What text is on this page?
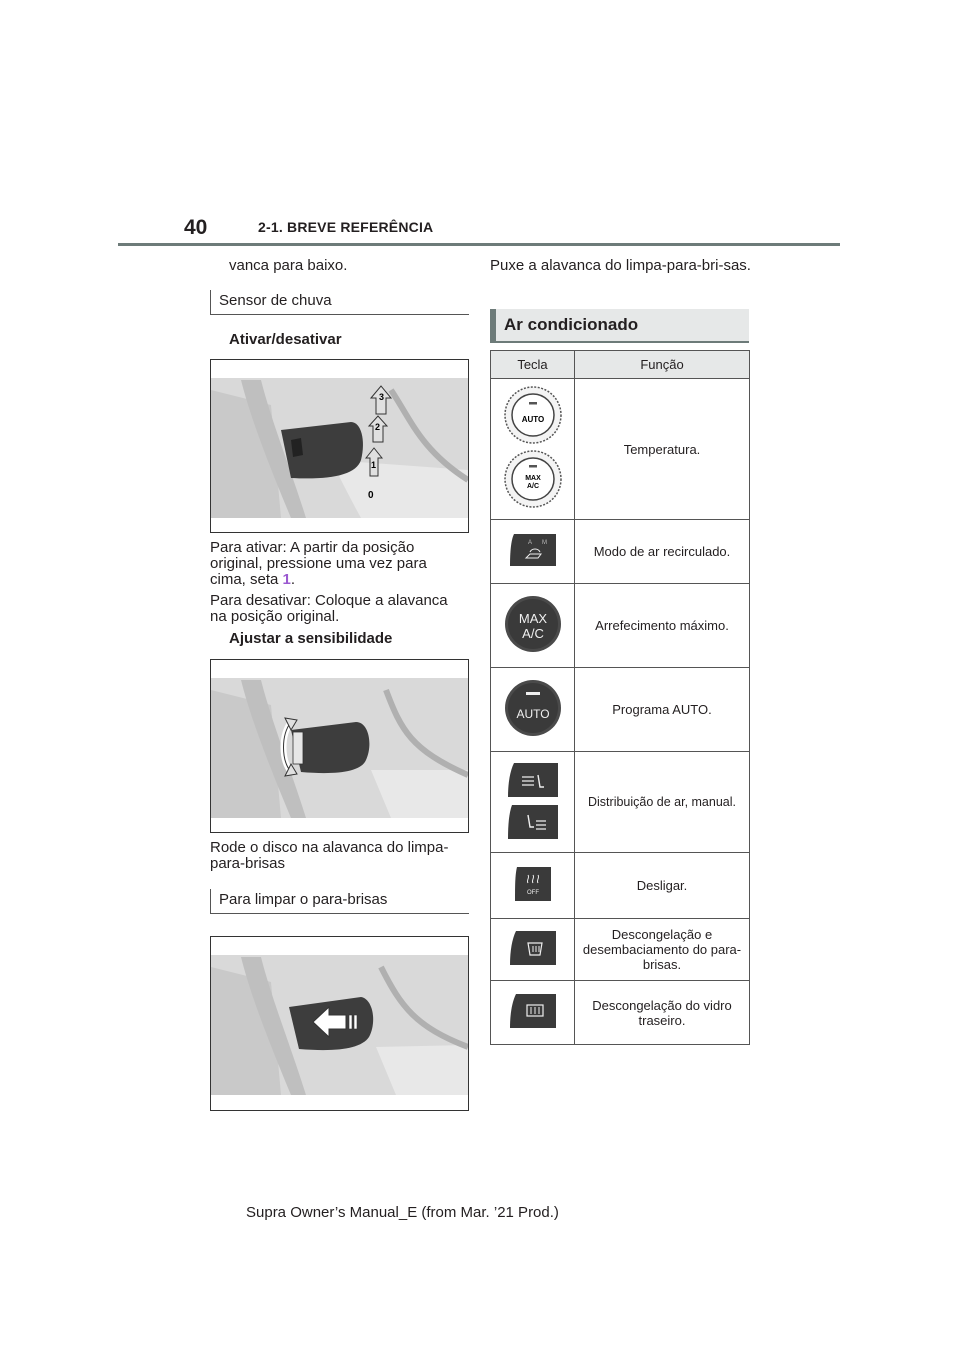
40	2-1. BREVE REFERÊNCIA
vanca para baixo.
Sensor de chuva
Ativar/desativar
3
2
1
0
Para ativar: A partir da posição original, pressione uma vez para cima, seta 1.
Para desativar: Coloque a alavanca na posição original.
Ajustar a sensibilidade
Rode o disco na alavanca do limpa-para-brisas
Para limpar o para-brisas
Puxe a alavanca do limpa-para-bri-sas.
Ar condicionado
Tecla	Função

AUTO
MAX
A/C	Temperatura.

A M	Modo de ar recirculado.

MAX
A/C	Arrefecimento máximo.

AUTO	Programa AUTO.
	Distribuição de ar, manual.

OFF	Desligar.
	Descongelação e desembaciamento do para-brisas.
	Descongelação do vidro traseiro.
Supra Owner’s Manual_E (from Mar. ’21 Prod.)
